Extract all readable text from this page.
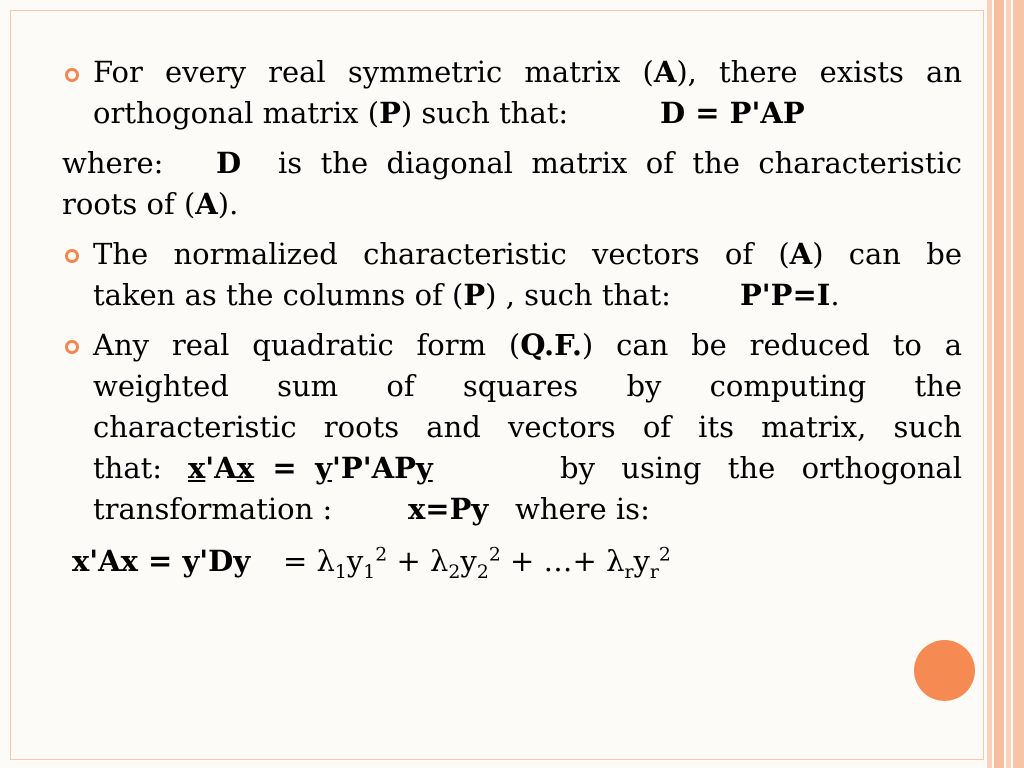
For every real symmetric matrix (A), there exists an
orthogonal matrix (P) such that:	D = P'AP
where: D is the diagonal matrix of the characteristic
roots of (A).
The normalized characteristic vectors of (A) can be
taken as the columns of (P) , such that: P'P=I.
Any real quadratic form (Q.F.) can be reduced to a
weighted sum of squares by computing the
characteristic roots and vectors of its matrix, such
that: x'Ax = y'P'APy	by using the orthogonal
transformation :	x=Py where is:
$x'Ax = y'Dy = \lambda_1y_1^2 + \lambda_2y_2^2$ + …+ $\lambda_ry_r^2$
